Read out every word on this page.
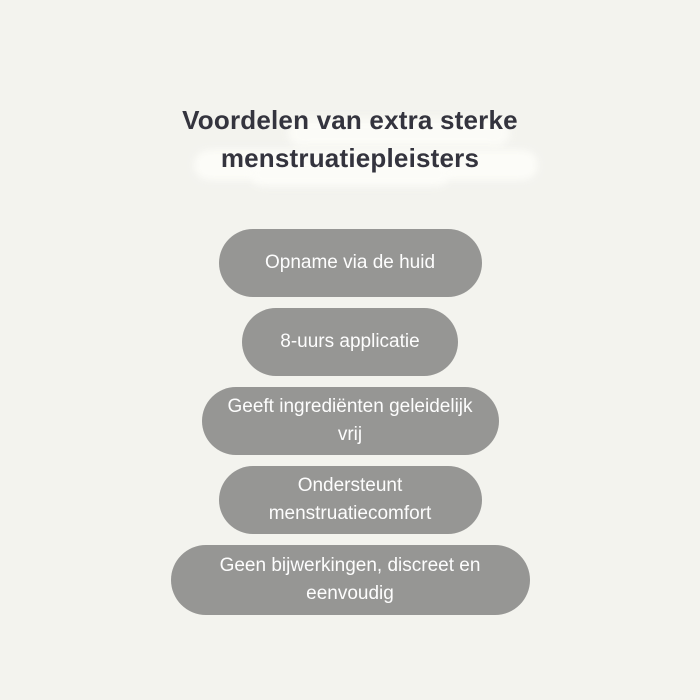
Voordelen van extra sterke
menstruatiepleisters
Opname via de huid
8-uurs applicatie
Geeft ingrediënten geleidelijk vrij
Ondersteunt menstruatiecomfort
Geen bijwerkingen, discreet en eenvoudig
